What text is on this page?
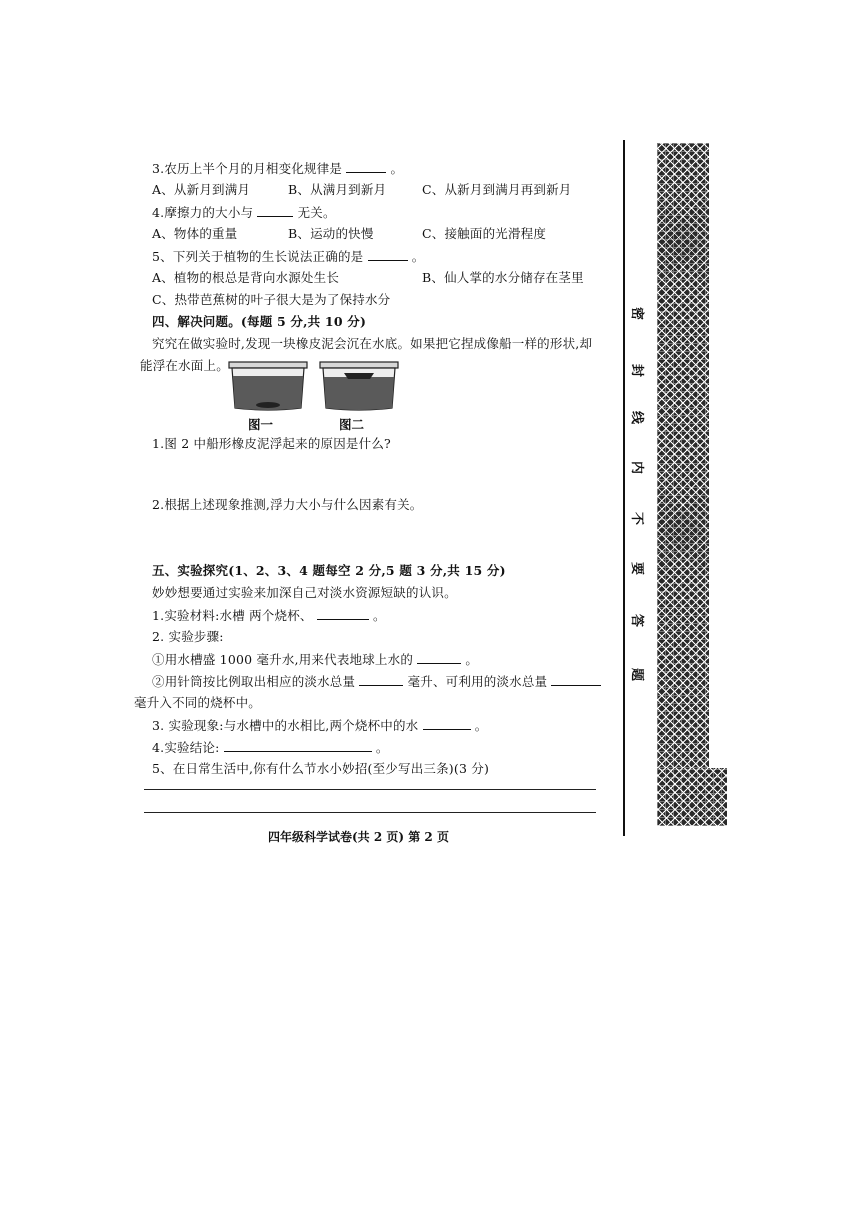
3.农历上半个月的月相变化规律是	。
A、从新月到满月	B、从满月到新月	C、从新月到满月再到新月
4.摩擦力的大小与	无关。
A、物体的重量	B、运动的快慢	C、接触面的光滑程度
5、下列关于植物的生长说法正确的是	。
A、植物的根总是背向水源处生长	B、仙人掌的水分储存在茎里
C、热带芭蕉树的叶子很大是为了保持水分
四、解决问题。(每题 5 分,共 10 分)
究究在做实验时,发现一块橡皮泥会沉在水底。如果把它捏成像船一样的形状,却
能浮在水面上。
图一	图二
1.图 2 中船形橡皮泥浮起来的原因是什么?
2.根据上述现象推测,浮力大小与什么因素有关。
五、实验探究(1、2、3、4 题每空 2 分,5 题 3 分,共 15 分)
妙妙想要通过实验来加深自己对淡水资源短缺的认识。
1.实验材料:水槽 两个烧杯、	。
2. 实验步骤:
①用水槽盛 1000 毫升水,用来代表地球上水的	。
②用针筒按比例取出相应的淡水总量	毫升、可利用的淡水总量
毫升入不同的烧杯中。
3. 实验现象:与水槽中的水相比,两个烧杯中的水	。
4.实验结论:	。
5、在日常生活中,你有什么节水小妙招(至少写出三条)(3 分)
四年级科学试卷(共 2 页) 第 2 页
密
封
线
内
不
要
答
题
